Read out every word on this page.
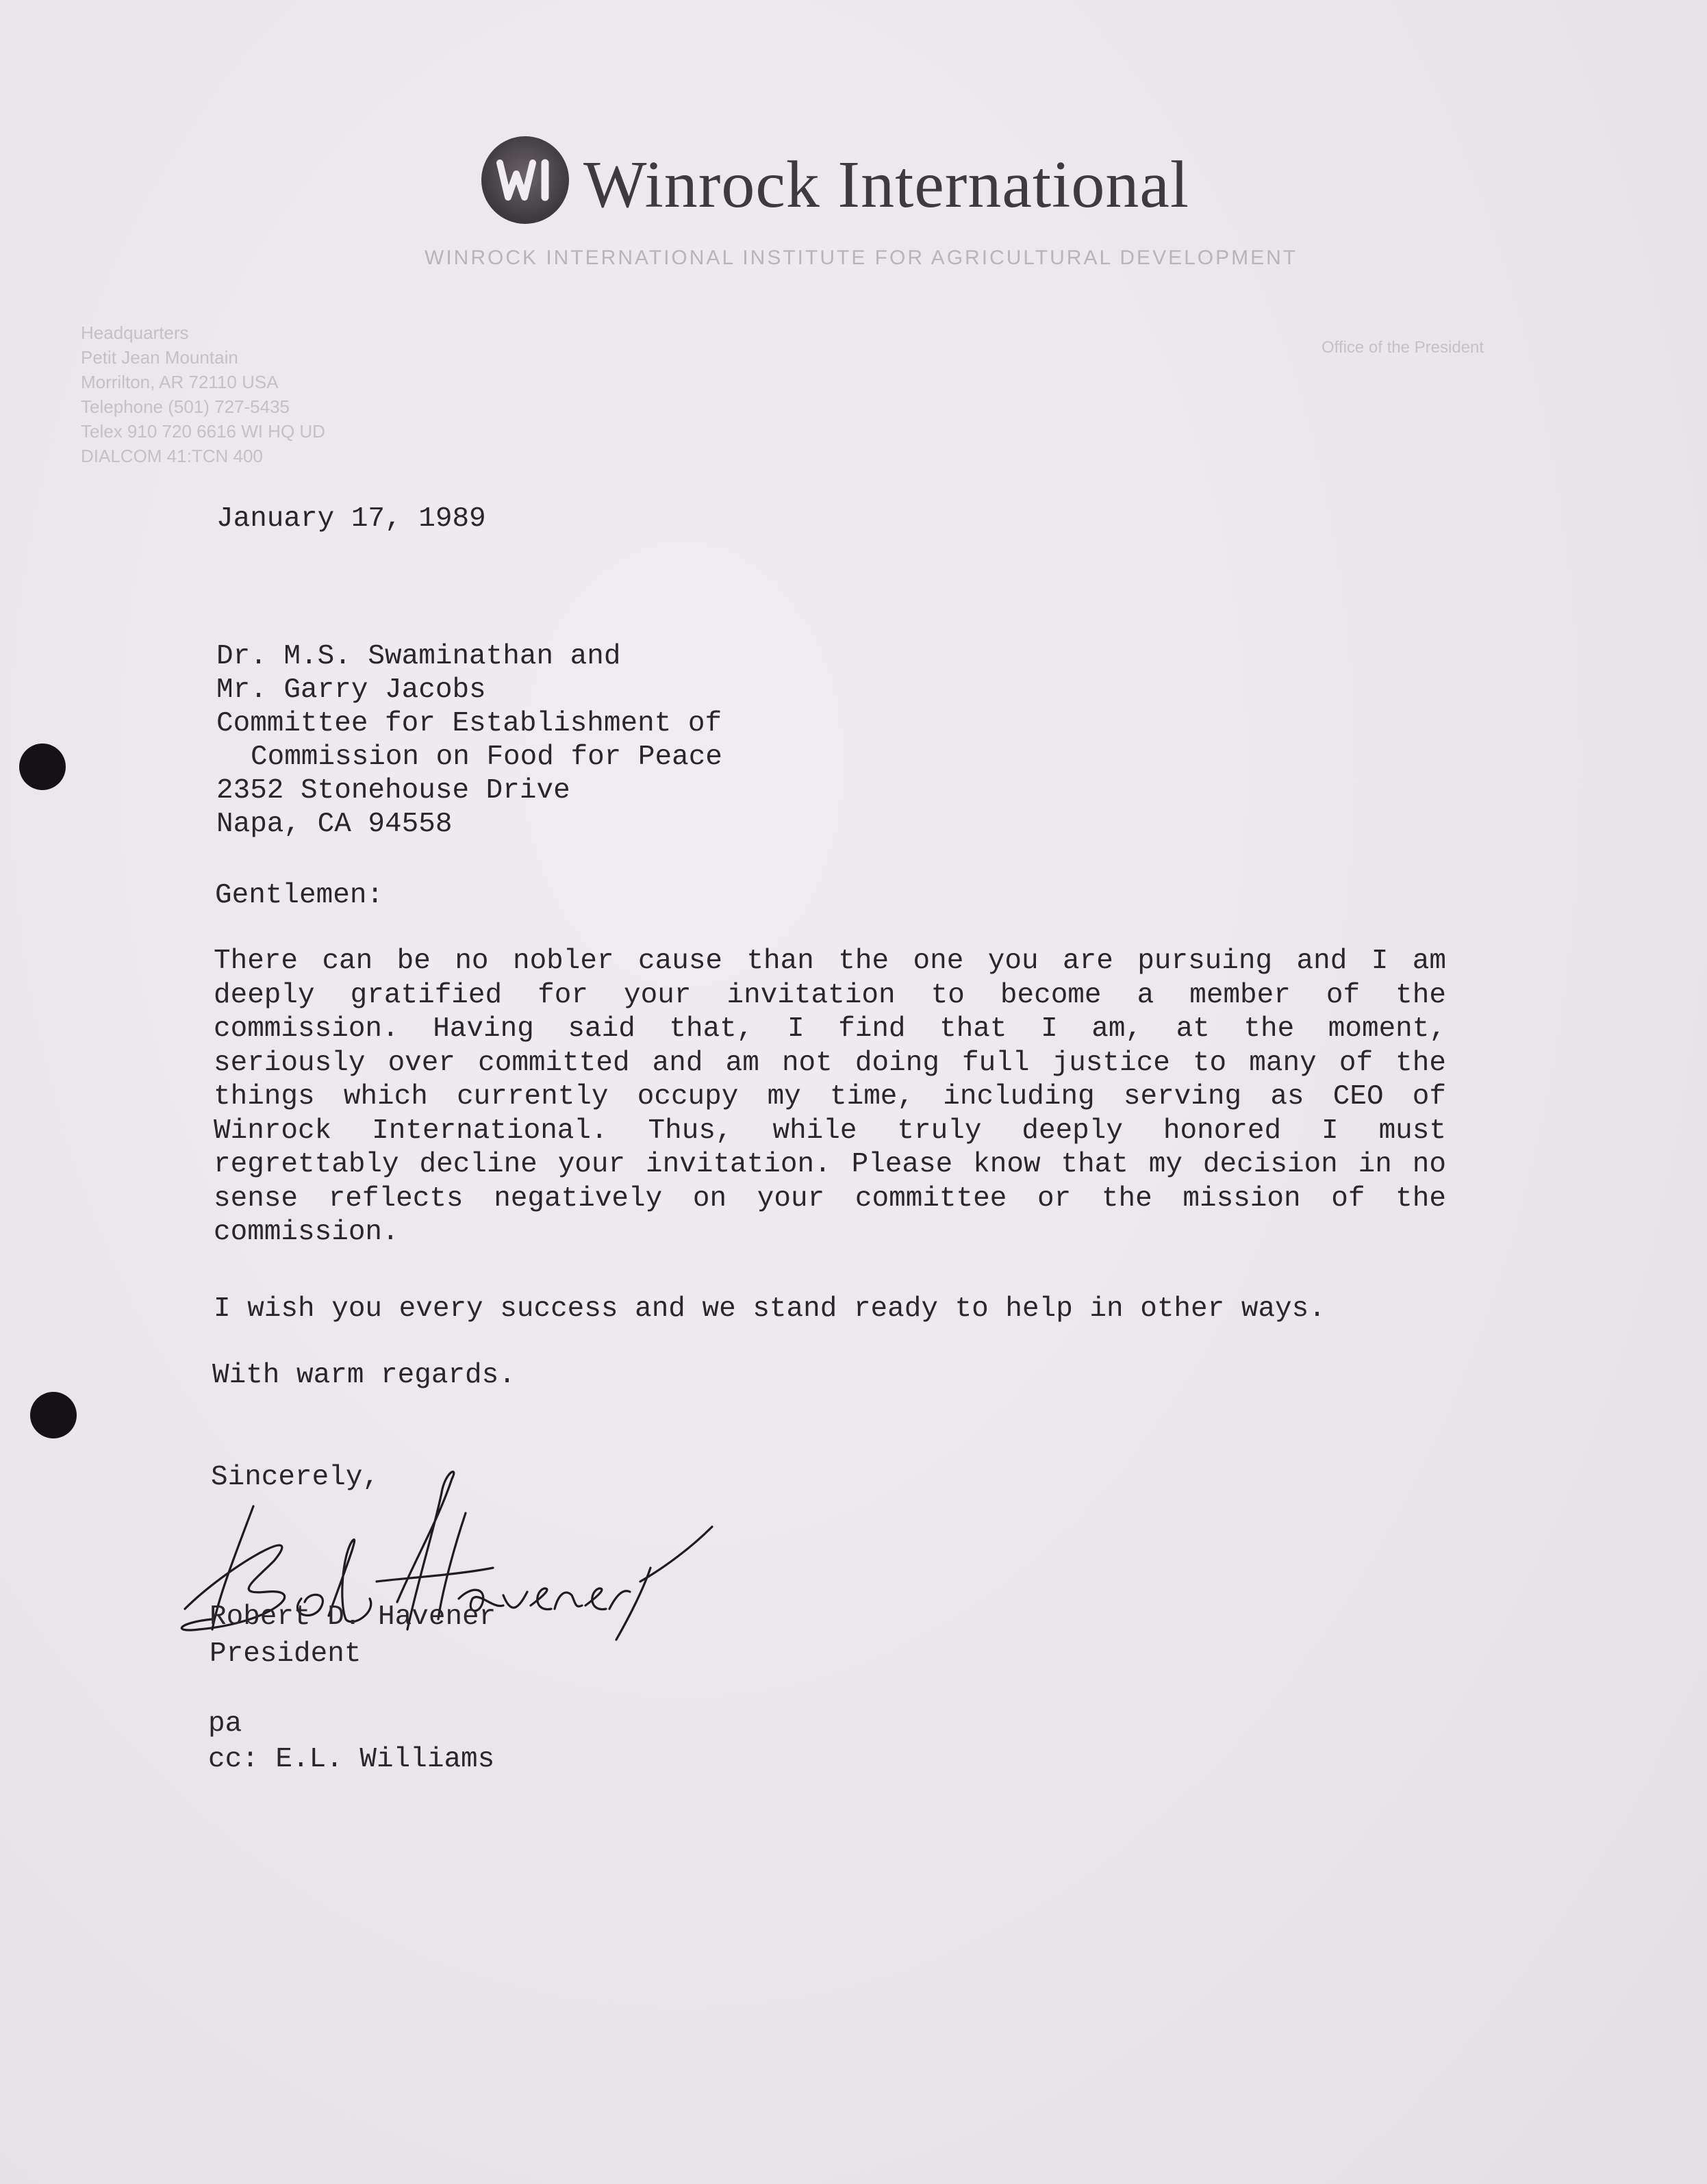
Winrock International
WINROCK INTERNATIONAL INSTITUTE FOR AGRICULTURAL DEVELOPMENT
Headquarters
Petit Jean Mountain
Morrilton, AR 72110 USA
Telephone (501) 727-5435
Telex 910 720 6616 WI HQ UD
DIALCOM 41:TCN 400
Office of the President
January 17, 1989
Dr. M.S. Swaminathan and
Mr. Garry Jacobs
Committee for Establishment of
Commission on Food for Peace
2352 Stonehouse Drive
Napa, CA 94558
Gentlemen:
There can be no nobler cause than the one you are pursuing and I am
deeply gratified for your invitation to become a member of the
commission. Having said that, I find that I am, at the moment,
seriously over committed and am not doing full justice to many of the
things which currently occupy my time, including serving as CEO of
Winrock International. Thus, while truly deeply honored I must
regrettably decline your invitation. Please know that my decision in no
sense reflects negatively on your committee or the mission of the
commission.
I wish you every success and we stand ready to help in other ways.
With warm regards.
Sincerely,
Robert D. Havener
President
pa
cc: E.L. Williams
